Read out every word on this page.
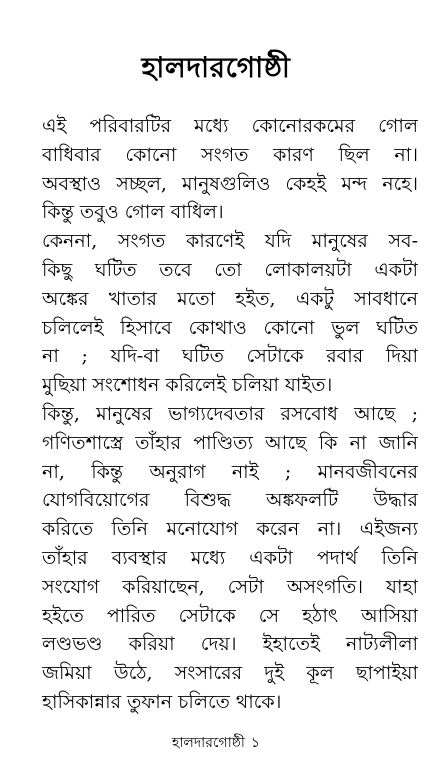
হালদারগোষ্ঠী
এই পরিবারটির মধ্যে কোনোরকমের গোল
বাধিবার কোনো সংগত কারণ ছিল না।
অবস্থাও সচ্ছল, মানুষগুলিও কেহই মন্দ নহে।
কিন্তু তবুও গোল বাধিল।
কেননা, সংগত কারণেই যদি মানুষের সব-
কিছু ঘটিত তবে তো লোকালয়টা একটা
অঙ্কের খাতার মতো হইত, একটু সাবধানে
চলিলেই হিসাবে কোথাও কোনো ভুল ঘটিত
না ; যদি-বা ঘটিত সেটাকে রবার দিয়া
মুছিয়া সংশোধন করিলেই চলিয়া যাইত।
কিন্তু, মানুষের ভাগ্যদেবতার রসবোধ আছে ;
গণিতশাস্ত্রে তাঁহার পাণ্ডিত্য আছে কি না জানি
না, কিন্তু অনুরাগ নাই ; মানবজীবনের
যোগবিয়োগের বিশুদ্ধ অঙ্কফলটি উদ্ধার
করিতে তিনি মনোযোগ করেন না। এইজন্য
তাঁহার ব্যবস্থার মধ্যে একটা পদার্থ তিনি
সংযোগ করিয়াছেন, সেটা অসংগতি। যাহা
হইতে পারিত সেটাকে সে হঠাৎ আসিয়া
লণ্ডভণ্ড করিয়া দেয়। ইহাতেই নাট্যলীলা
জমিয়া উঠে, সংসারের দুই কূল ছাপাইয়া
হাসিকান্নার তুফান চলিতে থাকে।
হালদারগোষ্ঠী ১
